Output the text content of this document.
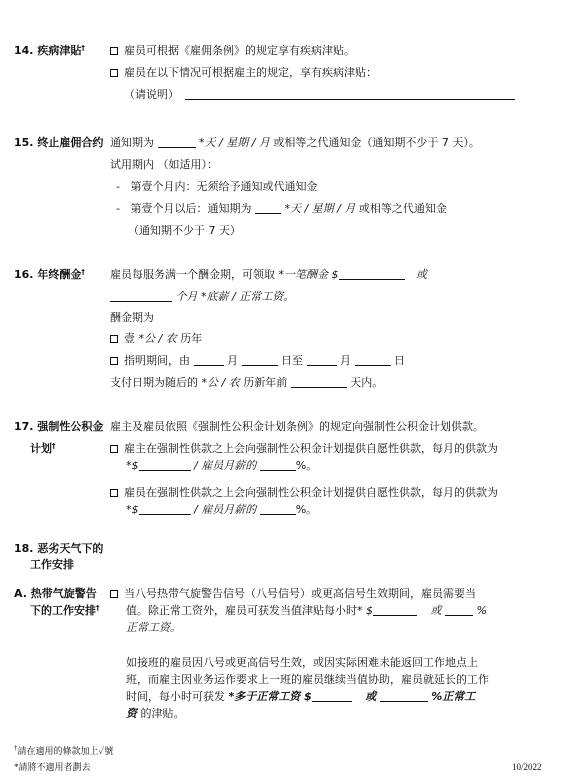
14. 疾病津貼†	雇员可根据《雇佣条例》的规定享有疾病津贴。
雇员在以下情况可根据雇主的规定，享有疾病津贴：
（请说明）
15. 终止雇佣合约 通知期为	*天 / 星期 / 月 或相等之代通知金（通知期不少于 7 天）。
试用期内 （如适用）：
-   第壹个月内：无须给予通知或代通知金
-   第壹个月以后：通知期为	*天 / 星期 / 月 或相等之代通知金
（通知期不少于 7 天）
16. 年终酬金† 雇员每服务满一个酬金期，可领取 *一笔酬金 $	或
个月 *底薪 / 正常工资。
酬金期为
壹 *公 / 农 历年
指明期间，由	月	日至	月	日
支付日期为随后的 *公 / 农 历新年前	天内。
17. 强制性公积金
计划†
雇主及雇员依照《强制性公积金计划条例》的规定向强制性公积金计划供款。
雇主在强制性供款之上会向强制性公积金计划提供自愿性供款，每月的供款为
*$	/ 雇员月薪的	%。
雇员在强制性供款之上会向强制性公积金计划提供自愿性供款，每月的供款为
*$	/ 雇员月薪的	%。
18. 恶劣天气下的
工作安排
A. 热带气旋警告
下的工作安排†
当八号热带气旋警告信号（八号信号）或更高信号生效期间，雇员需要当
值。除正常工资外，雇员可获发当值津贴每小时* $	或	%
正常工资。
如接班的雇员因八号或更高信号生效，或因实际困难未能返回工作地点上
班，而雇主因业务运作要求上一班的雇员继续当值协助，雇员就延长的工作
时间，每小时可获发 *多于正常工资 $	或	%正常工
资 的津贴。
†請在適用的條款加上✓號
*請將不適用者劃去	10/2022
